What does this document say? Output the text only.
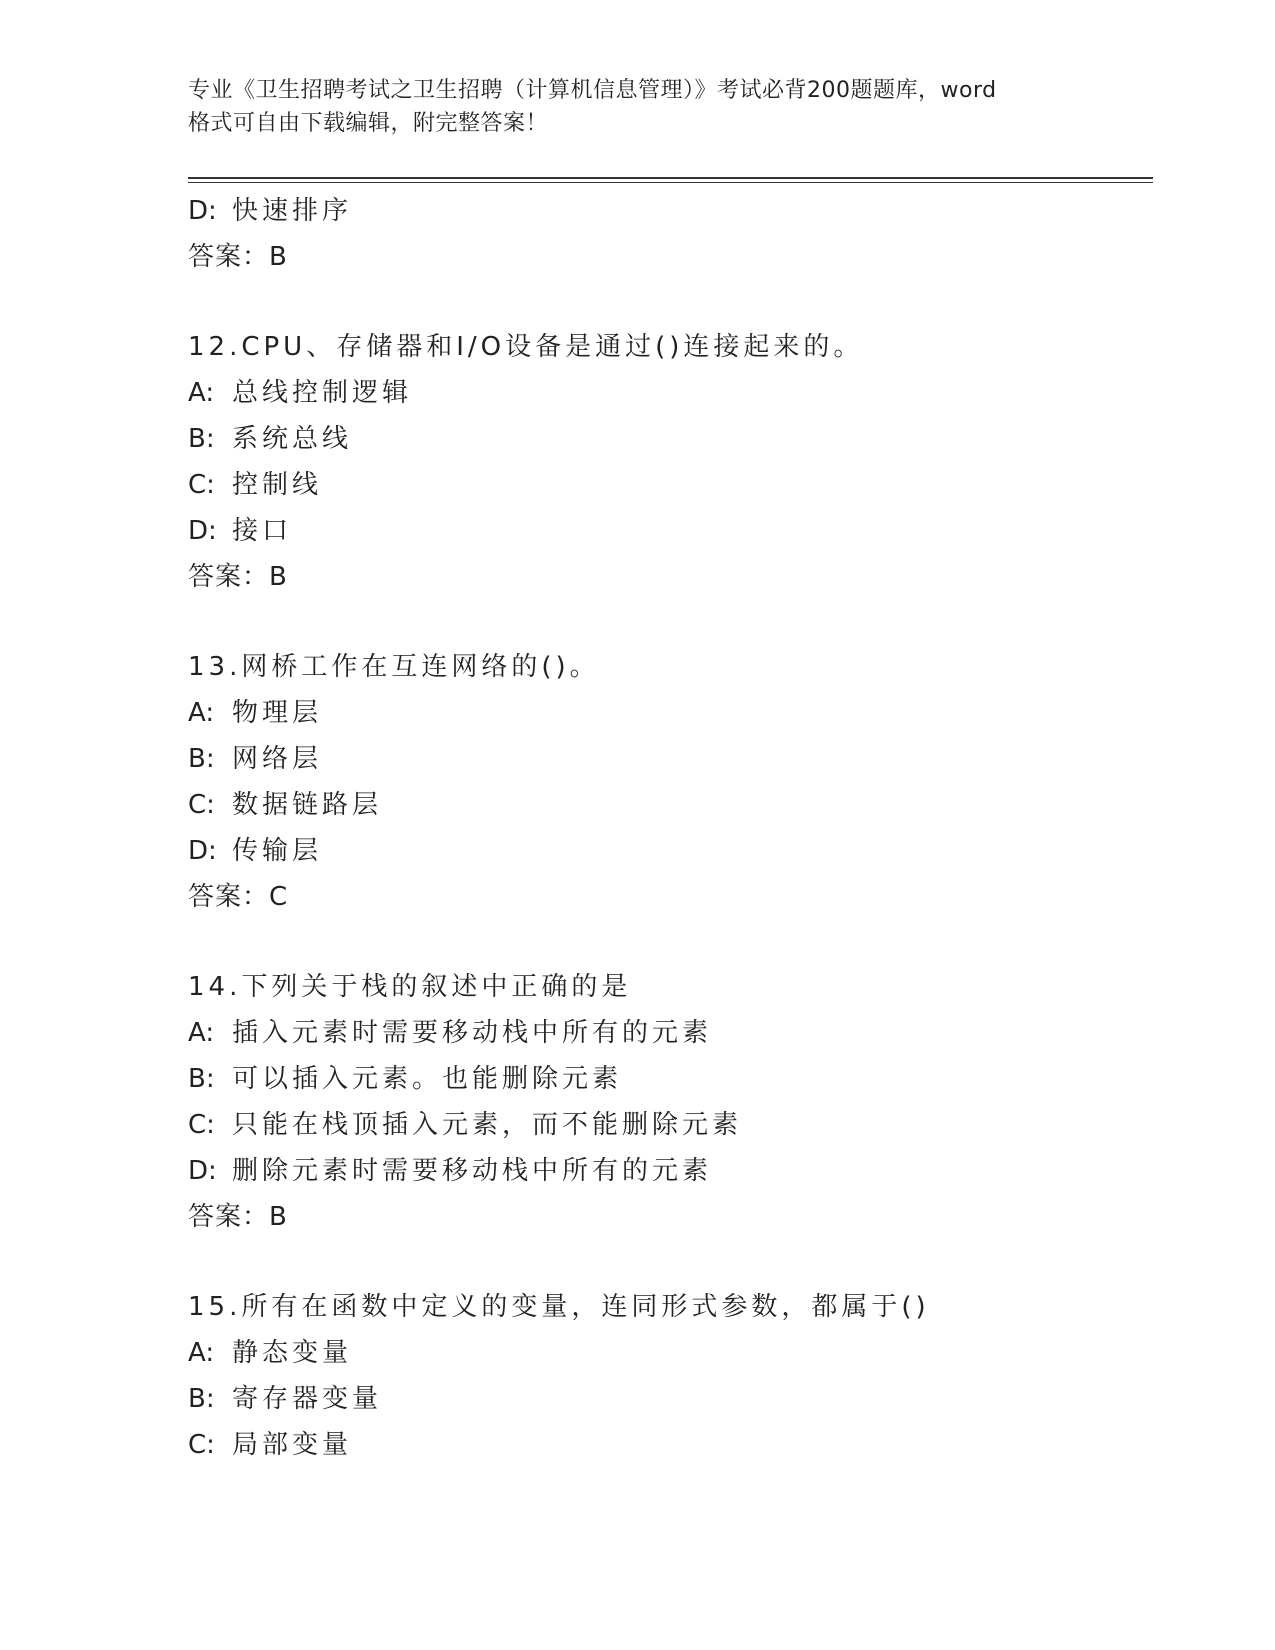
专业《卫生招聘考试之卫生招聘（计算机信息管理）》考试必背200题题库，word
格式可自由下载编辑，附完整答案！
D: 快速排序
答案：B
12.CPU、存储器和I/O设备是通过()连接起来的。
A: 总线控制逻辑
B: 系统总线
C: 控制线
D: 接口
答案：B
13.网桥工作在互连网络的()。
A: 物理层
B: 网络层
C: 数据链路层
D: 传输层
答案：C
14.下列关于栈的叙述中正确的是
A: 插入元素时需要移动栈中所有的元素
B: 可以插入元素。也能删除元素
C: 只能在栈顶插入元素，而不能删除元素
D: 删除元素时需要移动栈中所有的元素
答案：B
15.所有在函数中定义的变量，连同形式参数，都属于()
A: 静态变量
B: 寄存器变量
C: 局部变量
